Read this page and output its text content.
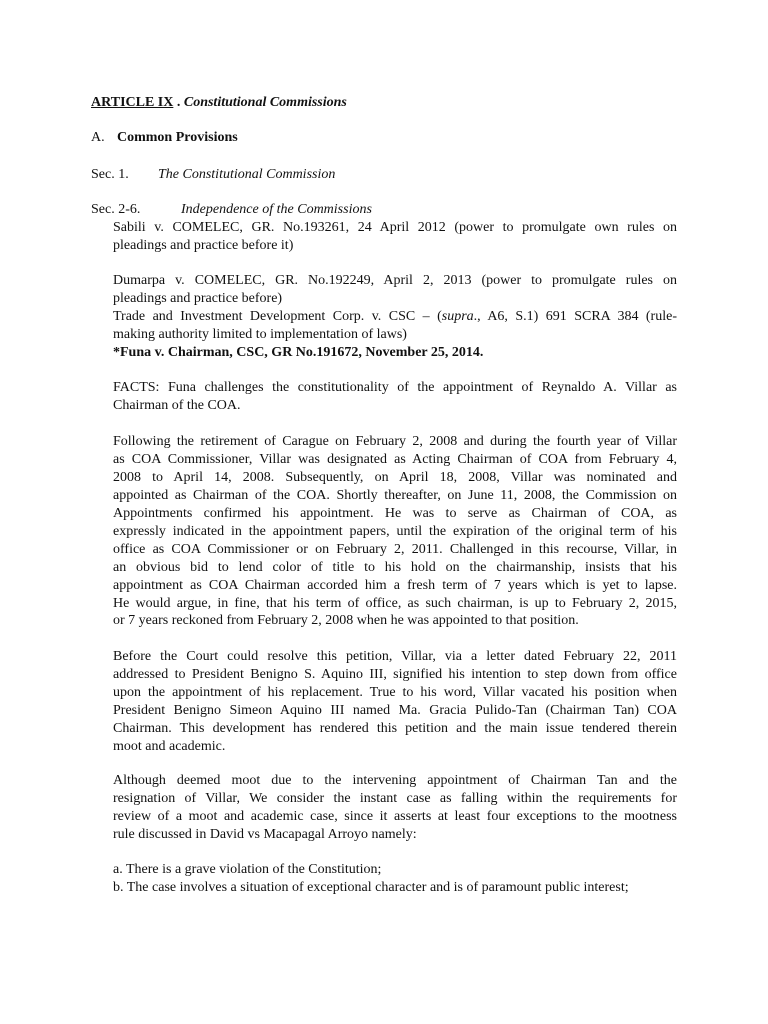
ARTICLE IX . Constitutional Commissions
A. Common Provisions
Sec. 1. The Constitutional Commission
Sec. 2-6.	Independence of the Commissions
Sabili v. COMELEC, GR. No.193261, 24 April 2012 (power to promulgate own rules on
pleadings and practice before it)
Dumarpa v. COMELEC, GR. No.192249, April 2, 2013 (power to promulgate rules on
pleadings and practice before)
Trade and Investment Development Corp. v. CSC – (supra., A6, S.1) 691 SCRA 384 (rule-
making authority limited to implementation of laws)
*Funa v. Chairman, CSC, GR No.191672, November 25, 2014.
FACTS: Funa challenges the constitutionality of the appointment of Reynaldo A. Villar as
Chairman of the COA.
Following the retirement of Carague on February 2, 2008 and during the fourth year of Villar
as COA Commissioner, Villar was designated as Acting Chairman of COA from February 4,
2008 to April 14, 2008. Subsequently, on April 18, 2008, Villar was nominated and
appointed as Chairman of the COA. Shortly thereafter, on June 11, 2008, the Commission on
Appointments confirmed his appointment. He was to serve as Chairman of COA, as
expressly indicated in the appointment papers, until the expiration of the original term of his
office as COA Commissioner or on February 2, 2011. Challenged in this recourse, Villar, in
an obvious bid to lend color of title to his hold on the chairmanship, insists that his
appointment as COA Chairman accorded him a fresh term of 7 years which is yet to lapse.
He would argue, in fine, that his term of office, as such chairman, is up to February 2, 2015,
or 7 years reckoned from February 2, 2008 when he was appointed to that position.
Before the Court could resolve this petition, Villar, via a letter dated February 22, 2011
addressed to President Benigno S. Aquino III, signified his intention to step down from office
upon the appointment of his replacement. True to his word, Villar vacated his position when
President Benigno Simeon Aquino III named Ma. Gracia Pulido-Tan (Chairman Tan) COA
Chairman. This development has rendered this petition and the main issue tendered therein
moot and academic.
Although deemed moot due to the intervening appointment of Chairman Tan and the
resignation of Villar, We consider the instant case as falling within the requirements for
review of a moot and academic case, since it asserts at least four exceptions to the mootness
rule discussed in David vs Macapagal Arroyo namely:
a. There is a grave violation of the Constitution;
b. The case involves a situation of exceptional character and is of paramount public interest;
